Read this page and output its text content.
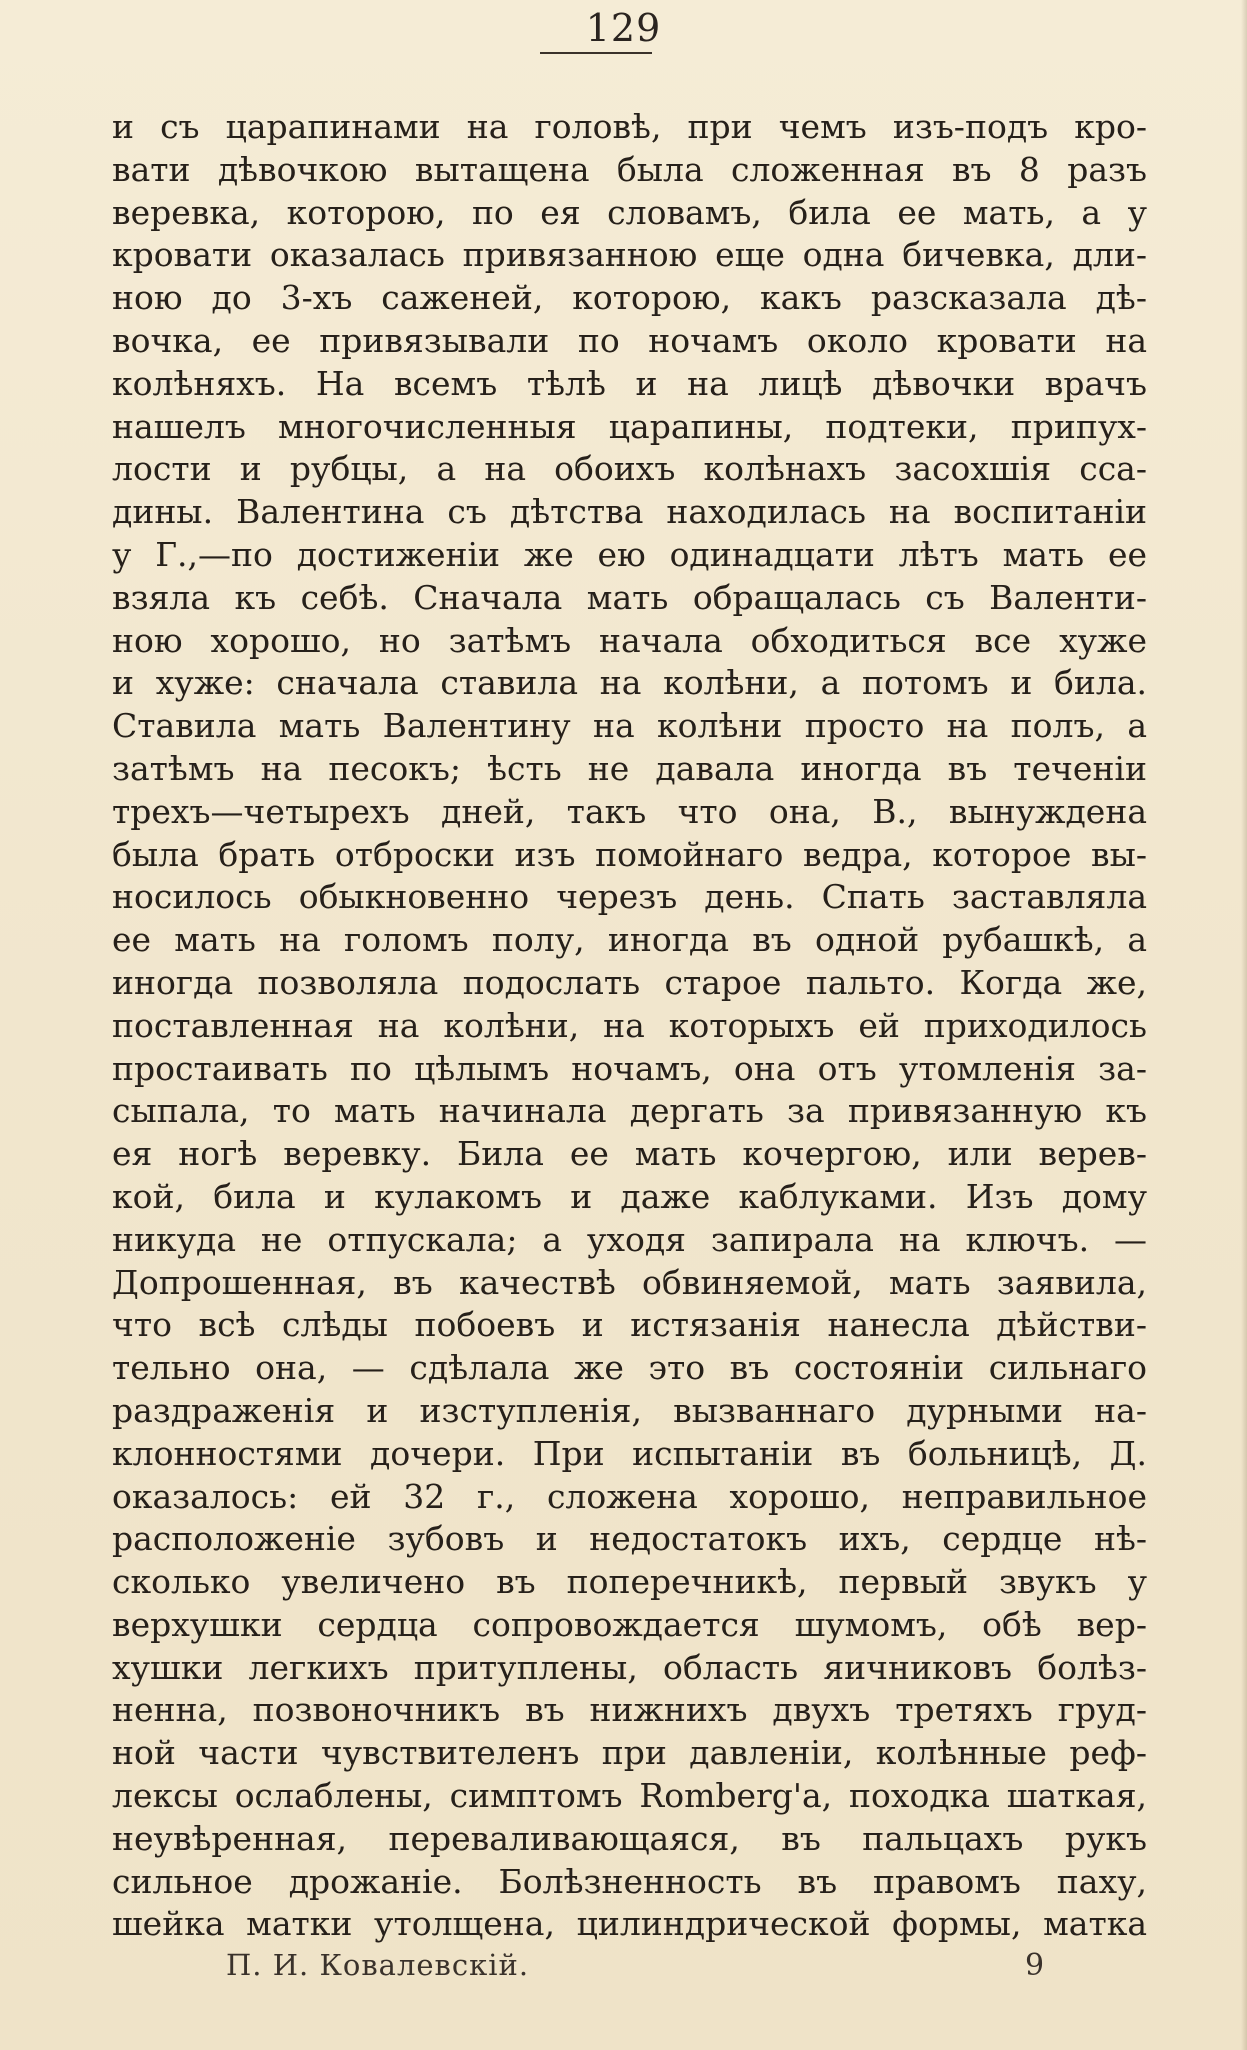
129
и съ царапинами на головѣ, при чемъ изъ-подъ кро-
вати дѣвочкою вытащена была сложенная въ 8 разъ
веревка, которою, по ея словамъ, била ее мать, а у
кровати оказалась привязанною еще одна бичевка, дли-
ною до 3-хъ саженей, которою, какъ разсказала дѣ-
вочка, ее привязывали по ночамъ около кровати на
колѣняхъ. На всемъ тѣлѣ и на лицѣ дѣвочки врачъ
нашелъ многочисленныя царапины, подтеки, припух-
лости и рубцы, а на обоихъ колѣнахъ засохшія сса-
дины. Валентина съ дѣтства находилась на воспитаніи
у Г.,—по достиженіи же ею одинадцати лѣтъ мать ее
взяла къ себѣ. Сначала мать обращалась съ Валенти-
ною хорошо, но затѣмъ начала обходиться все хуже
и хуже: сначала ставила на колѣни, а потомъ и била.
Ставила мать Валентину на колѣни просто на полъ, а
затѣмъ на песокъ; ѣсть не давала иногда въ теченіи
трехъ—четырехъ дней, такъ что она, В., вынуждена
была брать отброски изъ помойнаго ведра, которое вы-
носилось обыкновенно черезъ день. Спать заставляла
ее мать на голомъ полу, иногда въ одной рубашкѣ, а
иногда позволяла подослать старое пальто. Когда же,
поставленная на колѣни, на которыхъ ей приходилось
простаивать по цѣлымъ ночамъ, она отъ утомленія за-
сыпала, то мать начинала дергать за привязанную къ
ея ногѣ веревку. Била ее мать кочергою, или верев-
кой, била и кулакомъ и даже каблуками. Изъ дому
никуда не отпускала; а уходя запирала на ключъ. —
Допрошенная, въ качествѣ обвиняемой, мать заявила,
что всѣ слѣды побоевъ и истязанія нанесла дѣйстви-
тельно она, — сдѣлала же это въ состояніи сильнаго
раздраженія и изступленія, вызваннаго дурными на-
клонностями дочери. При испытаніи въ больницѣ, Д.
оказалось: ей 32 г., сложена хорошо, неправильное
расположеніе зубовъ и недостатокъ ихъ, сердце нѣ-
сколько увеличено въ поперечникѣ, первый звукъ у
верхушки сердца сопровождается шумомъ, обѣ вер-
хушки легкихъ притуплены, область яичниковъ болѣз-
ненна, позвоночникъ въ нижнихъ двухъ третяхъ груд-
ной части чувствителенъ при давленіи, колѣнные реф-
лексы ослаблены, симптомъ Romberg'а, походка шаткая,
неувѣренная, переваливающаяся, въ пальцахъ рукъ
сильное дрожаніе. Болѣзненность въ правомъ паху,
шейка матки утолщена, цилиндрической формы, матка
П. И. Ковалевскій.	9
